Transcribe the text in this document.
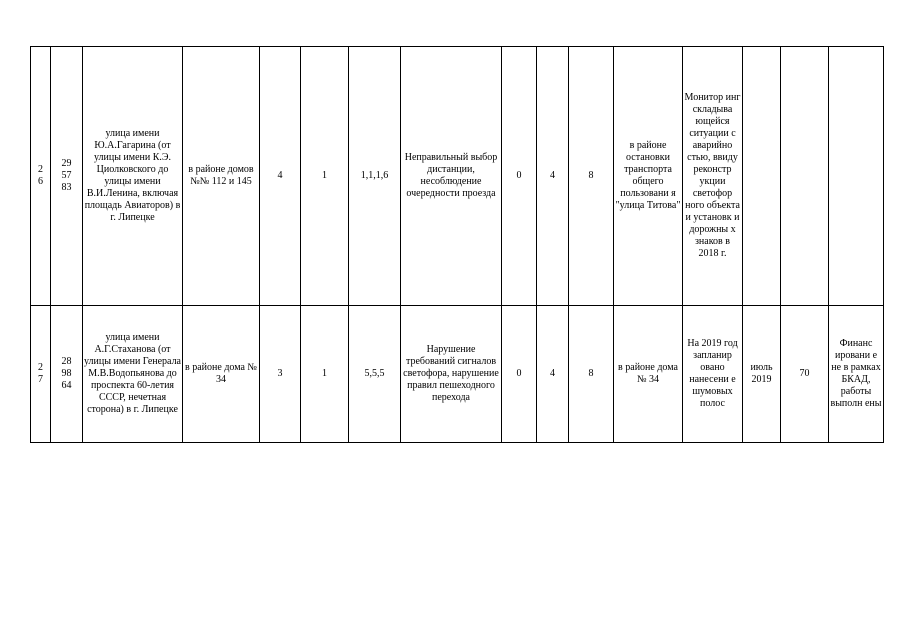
26	295783	улица имени Ю.А.Гагарина (от улицы имени К.Э. Циолковского до улицы имени В.И.Ленина, включая площадь Авиаторов) в г. Липецке	в районе домов №№ 112 и 145	4	1	1,1,1,6	Неправильный выбор дистанции, несоблюдение очередности проезда	0	4	8	в районе остановки транспорта общего пользовани я "улица Титова"	Монитор инг складыва ющейся ситуации с аварийно стью, ввиду реконстр укции светофор ного объекта и установк и дорожны х знаков в 2018 г.			

27	289864	улица имени А.Г.Стаханова (от улицы имени Генерала М.В.Водопьянова до проспекта 60-летия СССР, нечетная сторона) в г. Липецке	в районе дома № 34	3	1	5,5,5	Нарушение требований сигналов светофора, нарушение правил пешеходного перехода	0	4	8	в районе дома № 34	На 2019 год запланир овано нанесени е шумовых полос	июль 2019	70	Финанс ировани е не в рамках БКАД, работы выполн ены
